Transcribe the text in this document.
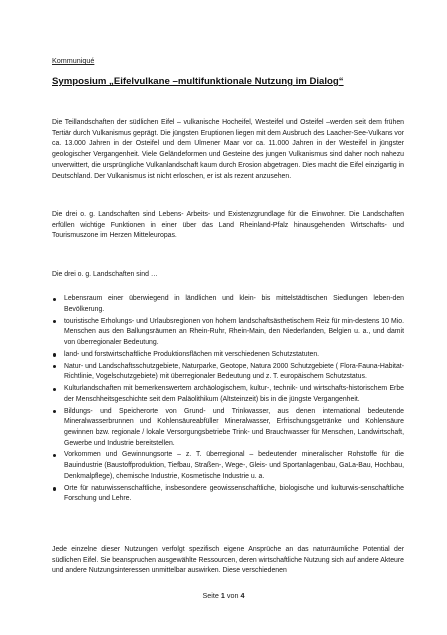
Kommuniqué
Symposium „Eifelvulkane –multifunktionale Nutzung im Dialog“

Die Teillandschaften der südlichen Eifel – vulkanische Hocheifel, Westeifel und Osteifel –werden seit dem frühen Tertiär durch Vulkanismus geprägt. Die jüngsten Eruptionen liegen mit dem Ausbruch des Laacher-See-Vulkans vor ca. 13.000 Jahren in der Osteifel und dem Ulmener Maar vor ca. 11.000 Jahren in der Westeifel in jüngster geologischer Vergangenheit. Viele Geländeformen und Gesteine des jungen Vulkanismus sind daher noch nahezu unverwittert, die ursprüngliche Vulkanlandschaft kaum durch Erosion abgetragen. Dies macht die Eifel einzigartig in Deutschland. Der Vulkanismus ist nicht erloschen, er ist als rezent anzusehen.

Die drei o. g. Landschaften sind Lebens- Arbeits- und Existenzgrundlage für die Einwohner. Die Landschaften erfüllen wichtige Funktionen in einer über das Land Rheinland-Pfalz hinausgehenden Wirtschafts- und Tourismuszone im Herzen Mitteleuropas.

Die drei o. g. Landschaften sind …

Lebensraum einer überwiegend in ländlichen und klein- bis mittelstädtischen Siedlungen leben-den Bevölkerung.
touristische Erholungs- und Urlaubsregionen von hohem landschaftsästhetischem Reiz für min-destens 10 Mio. Menschen aus den Ballungsräumen an Rhein-Ruhr, Rhein-Main, den Niederlanden, Belgien u. a., und damit von überregionaler Bedeutung.
land- und forstwirtschaftliche Produktionsflächen mit verschiedenen Schutzstatuten.
Natur- und Landschaftsschutzgebiete, Naturparke, Geotope, Natura 2000 Schutzgebiete ( Flora-Fauna-Habitat-Richtlinie, Vogelschutzgebiete) mit überregionaler Bedeutung und z. T. europäischem Schutzstatus.
Kulturlandschaften mit bemerkenswertem archäologischem, kultur-, technik- und wirtschafts-historischem Erbe der Menschheitsgeschichte seit dem Paläolithikum (Altsteinzeit) bis in die jüngste Vergangenheit.
Bildungs- und Speicherorte von Grund- und Trinkwasser, aus denen international bedeutende Mineralwasserbrunnen und Kohlensäureabfüller Mineralwasser, Erfrischungsgetränke und Kohlensäure gewinnen bzw. regionale / lokale Versorgungsbetriebe Trink- und Brauchwasser für Menschen, Landwirtschaft, Gewerbe und Industrie bereitstellen.
Vorkommen und Gewinnungsorte – z. T. überregional – bedeutender mineralischer Rohstoffe für die Bauindustrie (Baustoffproduktion, Tiefbau, Straßen-, Wege-, Gleis- und Sportanlagenbau, GaLa-Bau, Hochbau, Denkmalpflege), chemische Industrie, Kosmetische Industrie u. a.
Orte für naturwissenschaftliche, insbesondere geowissenschaftliche, biologische und kulturwis-senschaftliche Forschung und Lehre.

Jede einzelne dieser Nutzungen verfolgt spezifisch eigene Ansprüche an das naturräumliche Potential der südlichen Eifel. Sie beanspruchen ausgewählte Ressourcen, deren wirtschaftliche Nutzung sich auf andere Akteure und andere Nutzungsinteressen unmittelbar auswirken. Diese verschiedenen

Seite 1 von 4
